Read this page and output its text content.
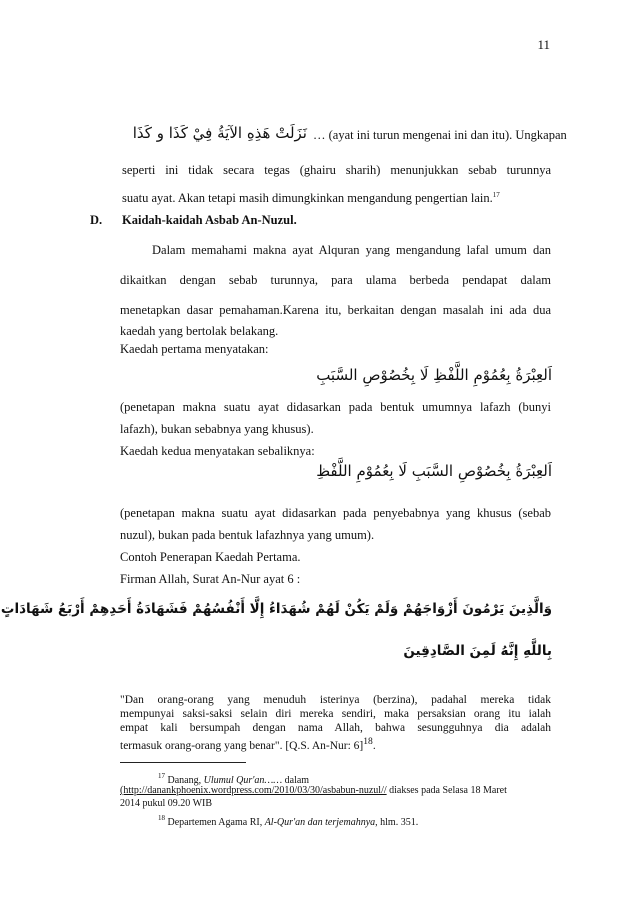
11
نَزَلَتْ هَذِهِ الآيَةُ فِيْ كَذَا و كَذَا … (ayat ini turun mengenai ini dan itu). Ungkapan
seperti ini tidak secara tegas (ghairu sharih) menunjukkan sebab turunnya
suatu ayat. Akan tetapi masih dimungkinkan mengandung pengertian lain.$^{17}$
D. Kaidah-kaidah Asbab An-Nuzul.
Dalam memahami makna ayat Alquran yang mengandung lafal umum dan
dikaitkan dengan sebab turunnya, para ulama berbeda pendapat dalam
menetapkan dasar pemahaman.Karena itu, berkaitan dengan masalah ini ada dua
kaedah yang bertolak belakang.
Kaedah pertama menyatakan:
اَلعِبْرَةُ بِعُمُوْمِ اللَّفْظِ لَا بِخُصُوْصِ السَّبَبِ
(penetapan makna suatu ayat didasarkan pada bentuk umumnya lafazh (bunyi
lafazh), bukan sebabnya yang khusus).
Kaedah kedua menyatakan sebaliknya:
اَلعِبْرَةُ بِخُصُوْصِ السَّبَبِ لَا بِعُمُوْمِ اللَّفْظِ
(penetapan makna suatu ayat didasarkan pada penyebabnya yang khusus (sebab
nuzul), bukan pada bentuk lafazhnya yang umum).
Contoh Penerapan Kaedah Pertama.
Firman Allah, Surat An-Nur ayat 6 :
وَالَّذِينَ يَرْمُونَ أَزْوَاجَهُمْ وَلَمْ يَكُنْ لَهُمْ شُهَدَاءُ إِلَّا أَنْفُسُهُمْ فَشَهَادَةُ أَحَدِهِمْ أَرْبَعُ شَهَادَاتٍ
بِاللَّهِ إِنَّهُ لَمِنَ الصَّادِقِينَ
"Dan orang-orang yang menuduh isterinya (berzina), padahal mereka tidak
mempunyai saksi-saksi selain diri mereka sendiri, maka persaksian orang itu ialah
empat kali bersumpah dengan nama Allah, bahwa sesungguhnya dia adalah
termasuk orang-orang yang benar". [Q.S. An-Nur: 6]$^{18}$.
$^{17}$ Danang, Ulumul Qur'an…… dalam
(http://danankphoenix.wordpress.com/2010/03/30/asbabun-nuzul// diakses pada Selasa 18 Maret
2014 pukul 09.20 WIB
$^{18}$ Departemen Agama RI, Al-Qur'an dan terjemahnya, hlm. 351.
